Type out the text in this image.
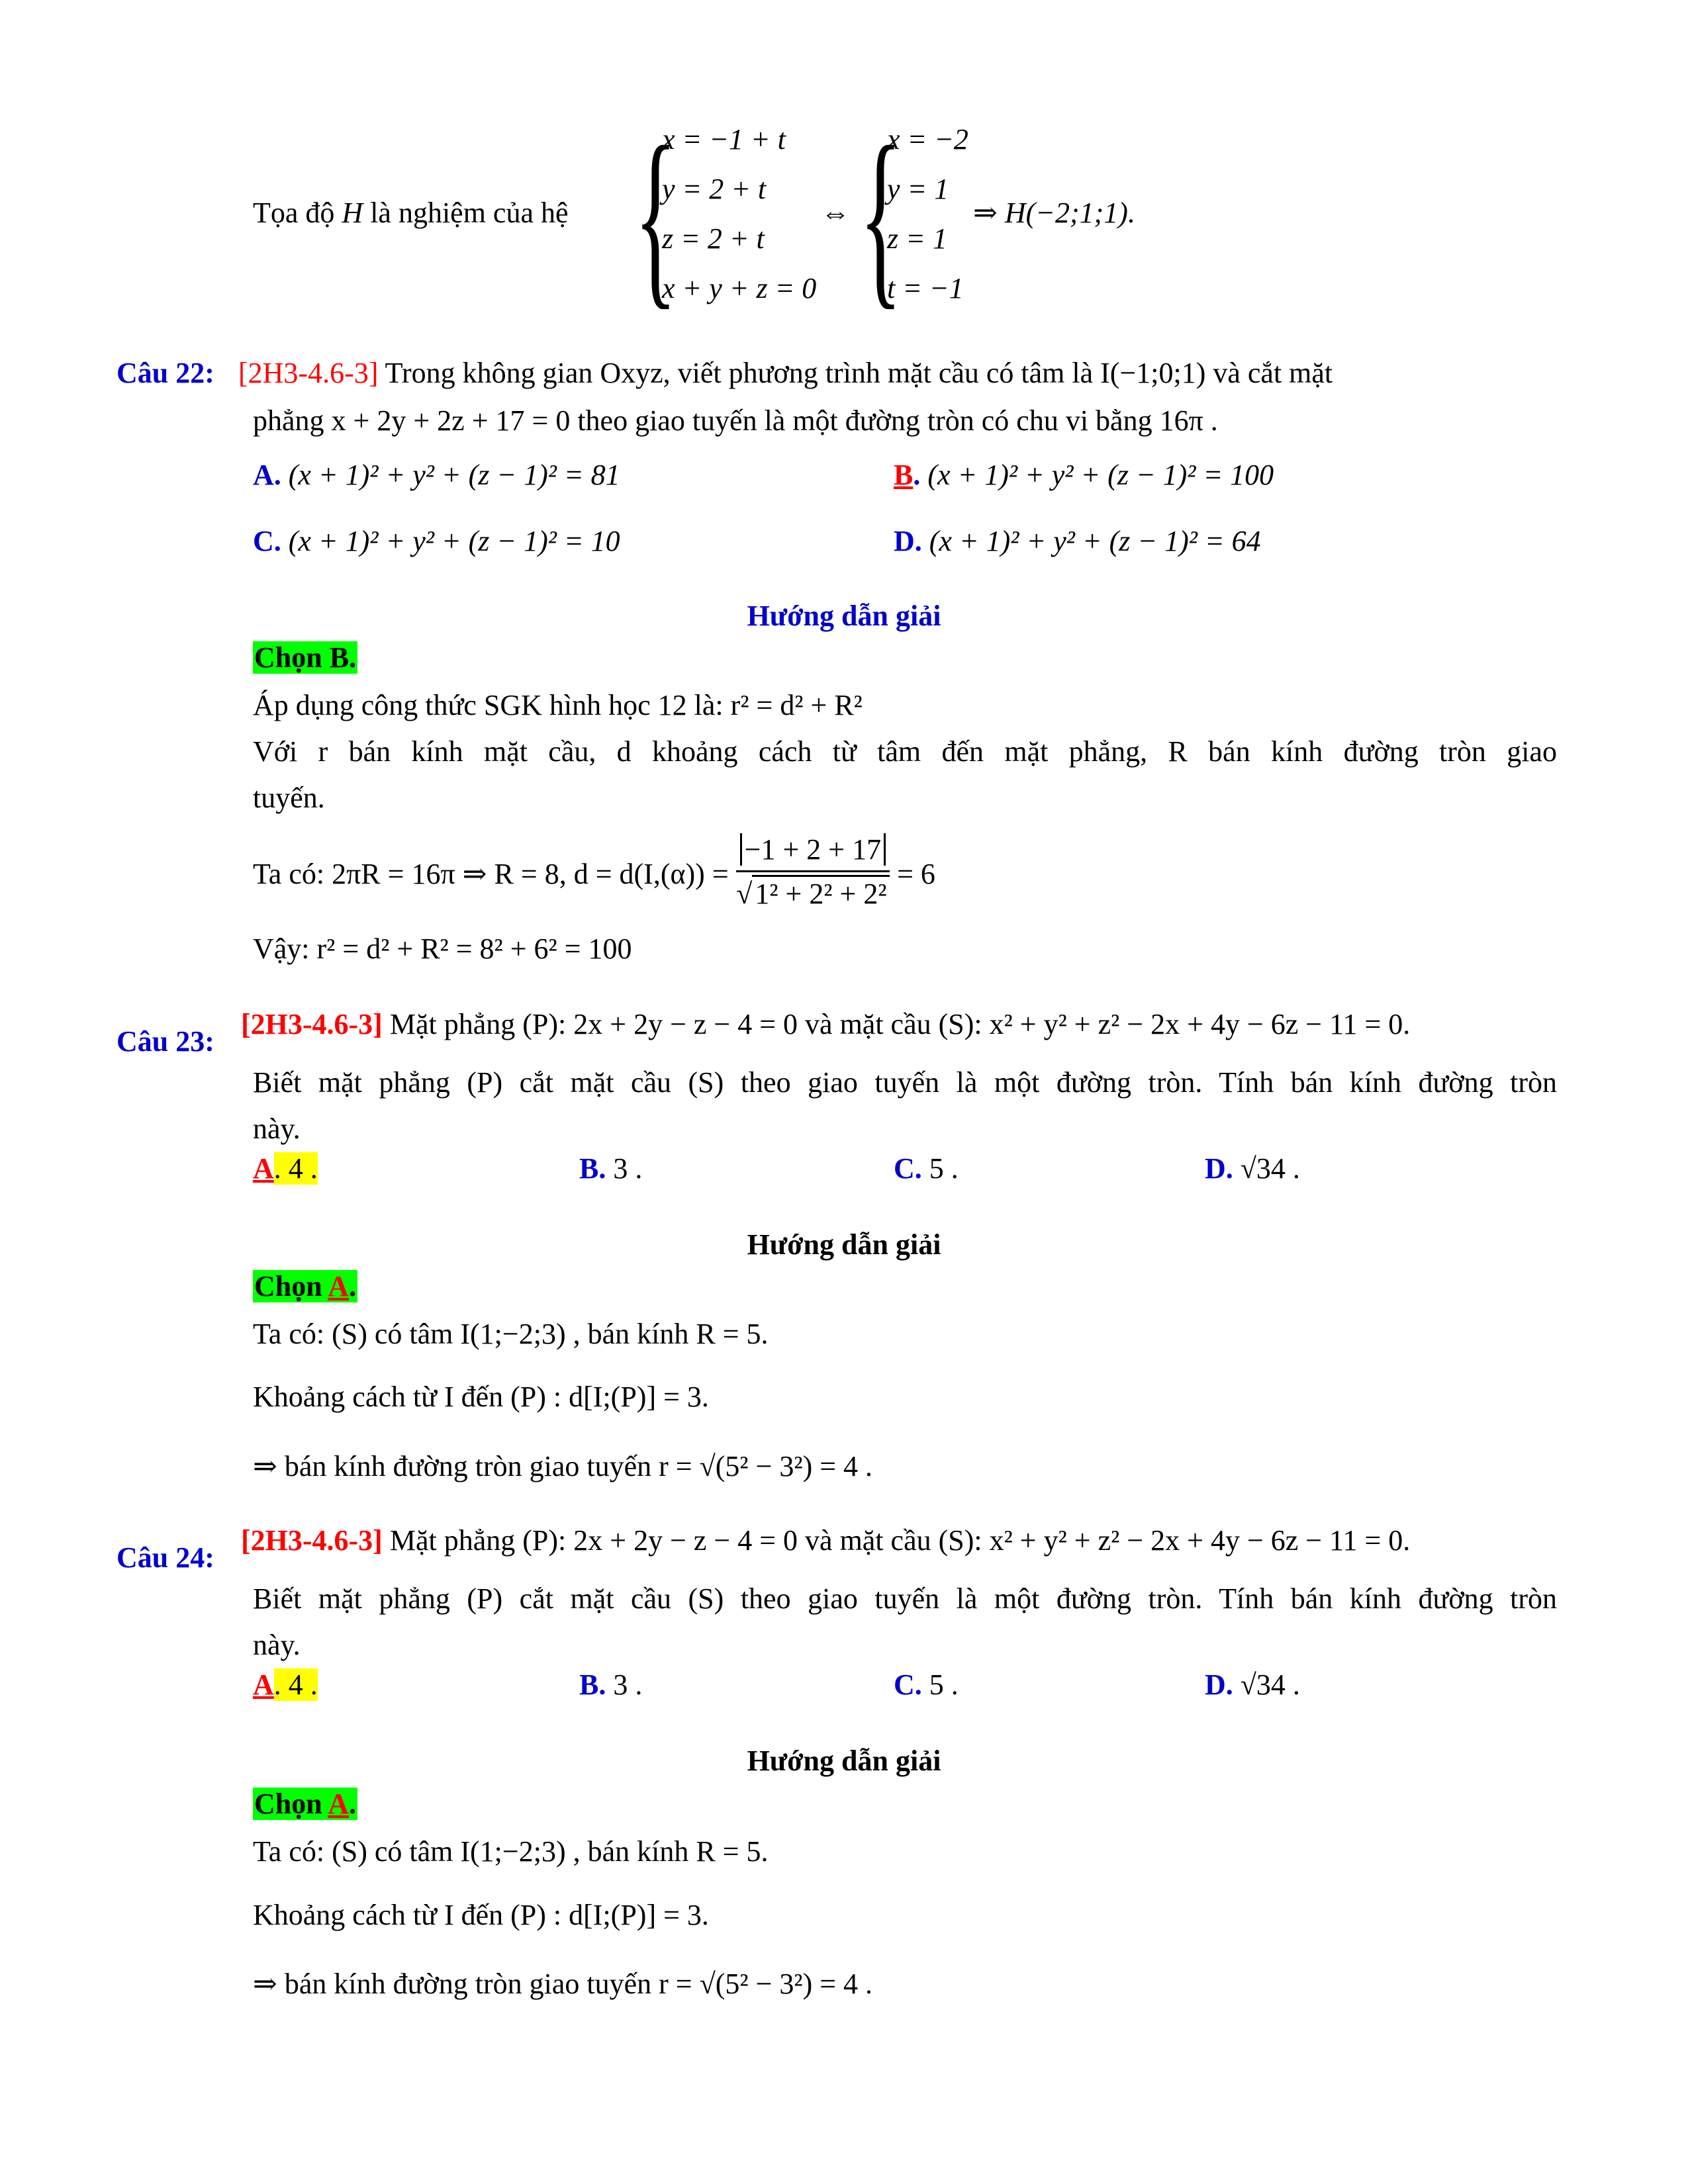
Tọa độ H là nghiệm của hệ {
x = −1 + t
y = 2 + t
z = 2 + t
x + y + z = 0
⇔ {
x = −2
y = 1
z = 1
t = −1
⇒ H(−2;1;1).
Câu 22: [2H3-4.6-3] Trong không gian Oxyz, viết phương trình mặt cầu có tâm là I(−1;0;1) và cắt mặt
phẳng x + 2y + 2z + 17 = 0 theo giao tuyến là một đường tròn có chu vi bằng 16π .
A. (x + 1)² + y² + (z − 1)² = 81	B. (x + 1)² + y² + (z − 1)² = 100
C. (x + 1)² + y² + (z − 1)² = 10	D. (x + 1)² + y² + (z − 1)² = 64
Hướng dẫn giải
Chọn B.
Áp dụng công thức SGK hình học 12 là: r² = d² + R²
Với r bán kính mặt cầu, d khoảng cách từ tâm đến mặt phẳng, R bán kính đường tròn giao
tuyến.
Ta có: 2πR = 16π ⇒ R = 8, $d = d(I,(\alpha)) = \frac{-1 + 2 + 17}{\text{√1² + 2² + 2²}} = 6$
Vậy: r² = d² + R² = 8² + 6² = 100
Câu 23:
[2H3-4.6-3] Mặt phẳng (P): 2x + 2y − z − 4 = 0 và mặt cầu (S): x² + y² + z² − 2x + 4y − 6z − 11 = 0.
Biết mặt phẳng (P) cắt mặt cầu (S) theo giao tuyến là một đường tròn. Tính bán kính đường tròn
này.
A. 4 .	B. 3 .	C. 5 .	D. √34 .
Hướng dẫn giải
Chọn A.
Ta có: (S) có tâm I(1;−2;3) , bán kính R = 5.
Khoảng cách từ I đến (P) : d[I;(P)] = 3.
⇒ bán kính đường tròn giao tuyến r = √(5² − 3²) = 4 .
Câu 24:
[2H3-4.6-3] Mặt phẳng (P): 2x + 2y − z − 4 = 0 và mặt cầu (S): x² + y² + z² − 2x + 4y − 6z − 11 = 0.
Biết mặt phẳng (P) cắt mặt cầu (S) theo giao tuyến là một đường tròn. Tính bán kính đường tròn
này.
A. 4 .	B. 3 .	C. 5 .	D. √34 .
Hướng dẫn giải
Chọn A.
Ta có: (S) có tâm I(1;−2;3) , bán kính R = 5.
Khoảng cách từ I đến (P) : d[I;(P)] = 3.
⇒ bán kính đường tròn giao tuyến r = √(5² − 3²) = 4 .
